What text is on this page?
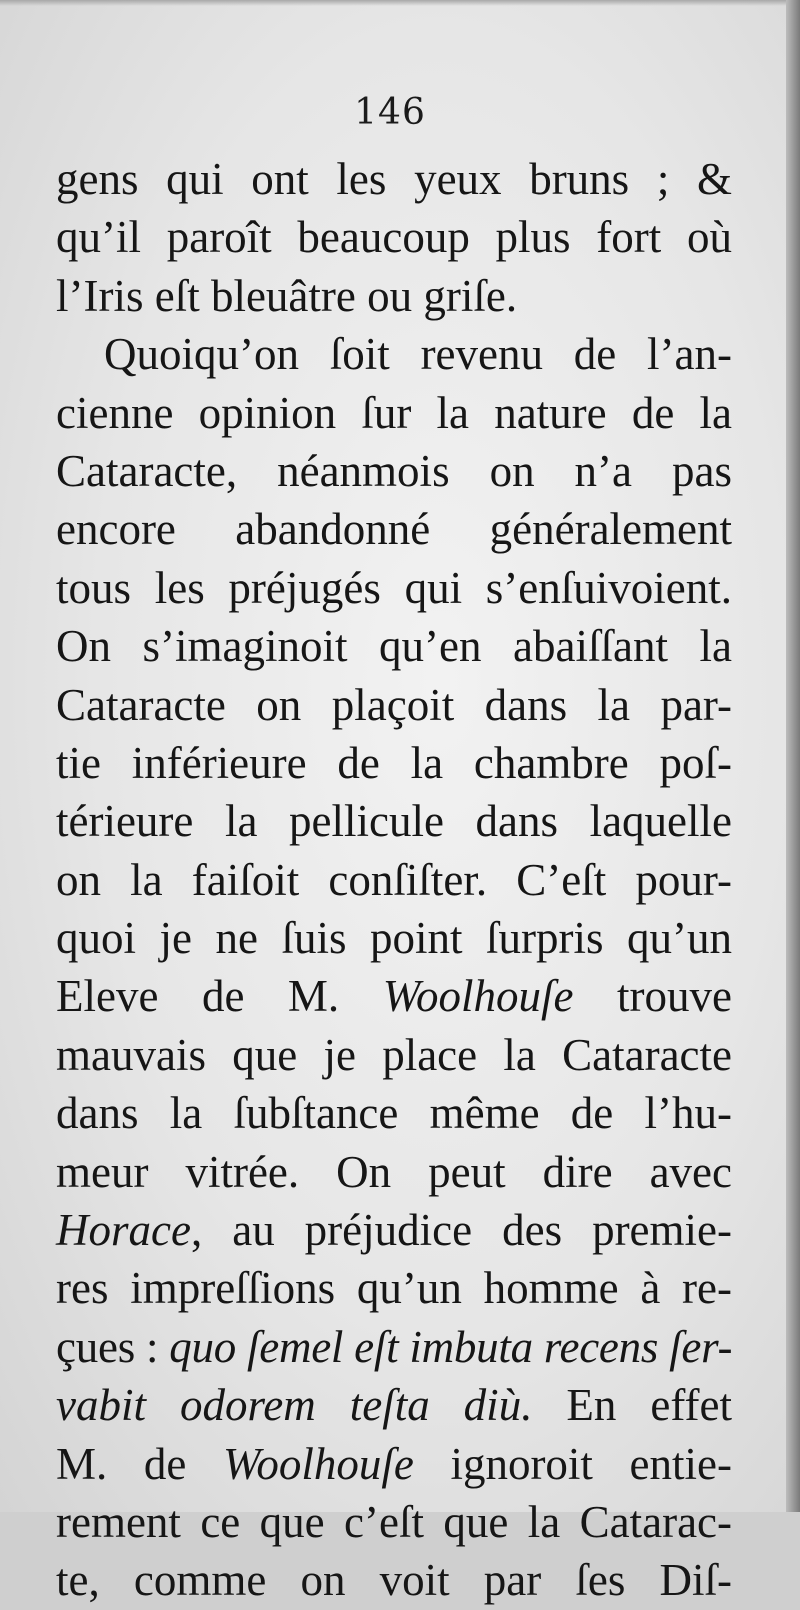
146
gens qui ont les yeux bruns ; &
qu’il paroît beaucoup plus fort où
l’Iris eſt bleuâtre ou griſe.
Quoiqu’on ſoit revenu de l’an-
cienne opinion ſur la nature de la
Cataracte, néanmois on n’a pas
encore abandonné généralement
tous les préjugés qui s’enſuivoient.
On s’imaginoit qu’en abaiſſant la
Cataracte on plaçoit dans la par-
tie inférieure de la chambre poſ-
térieure la pellicule dans laquelle
on la faiſoit conſiſter. C’eſt pour-
quoi je ne ſuis point ſurpris qu’un
Eleve de M. Woolhouſe trouve
mauvais que je place la Cataracte
dans la ſubſtance même de l’hu-
meur vitrée. On peut dire avec
Horace, au préjudice des premie-
res impreſſions qu’un homme à re-
çues : quo ſemel eſt imbuta recens ſer-
vabit odorem teſta diù. En effet
M. de Woolhouſe ignoroit entie-
rement ce que c’eſt que la Catarac-
te, comme on voit par ſes Diſ-
